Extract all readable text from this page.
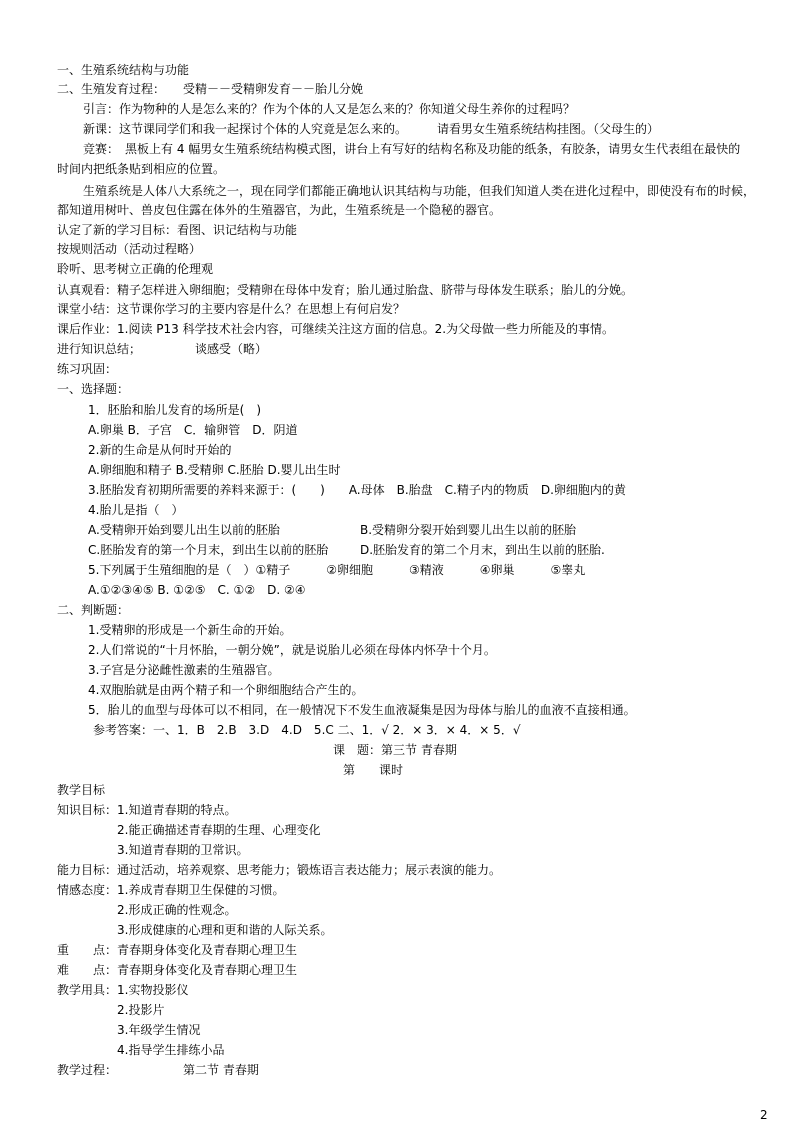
一、生殖系统结构与功能
二、生殖发育过程：　　受精－－受精卵发育－－胎儿分娩
引言：作为物种的人是怎么来的？作为个体的人又是怎么来的？你知道父母生养你的过程吗？
新课：这节课同学们和我一起探讨个体的人究竟是怎么来的。　　　请看男女生殖系统结构挂图。（父母生的）
竞赛：　黑板上有 4 幅男女生殖系统结构模式图，讲台上有写好的结构名称及功能的纸条，有胶条，请男女生代表组在最快的
时间内把纸条贴到相应的位置。
生殖系统是人体八大系统之一，现在同学们都能正确地认识其结构与功能，但我们知道人类在进化过程中，即使没有布的时候，
都知道用树叶、兽皮包住露在体外的生殖器官，为此，生殖系统是一个隐秘的器官。
认定了新的学习目标：看图、识记结构与功能
按规则活动（活动过程略）
聆听、思考树立正确的伦理观
认真观看：精子怎样进入卵细胞；受精卵在母体中发育；胎儿通过胎盘、脐带与母体发生联系；胎儿的分娩。
课堂小结：这节课你学习的主要内容是什么？在思想上有何启发？
课后作业：1.阅读 P13 科学技术社会内容，可继续关注这方面的信息。2.为父母做一些力所能及的事情。
进行知识总结；　　　　　谈感受（略）
练习巩固：
一、选择题：
1．胚胎和胎儿发育的场所是(　)
A.卵巢 B．子宫　C．输卵管　D．阴道
2.新的生命是从何时开始的
A.卵细胞和精子 B.受精卵 C.胚胎 D.婴儿出生时
3.胚胎发育初期所需要的养料来源于：(　　)　　A.母体　B.胎盘　C.精子内的物质　D.卵细胞内的黄
4.胎儿是指（　）
A.受精卵开始到婴儿出生以前的胚胎	B.受精卵分裂开始到婴儿出生以前的胚胎
C.胚胎发育的第一个月末，到出生以前的胚胎	D.胚胎发育的第二个月末，到出生以前的胚胎.
5.下列属于生殖细胞的是（　）①精子　　　②卵细胞　　　③精液　　　④卵巢　　　⑤睾丸
A.①②③④⑤ B. ①②⑤　C. ①②　D. ②④
二、判断题：
1.受精卵的形成是一个新生命的开始。
2.人们常说的“十月怀胎，一朝分娩”，就是说胎儿必须在母体内怀孕十个月。
3.子宫是分泌雌性激素的生殖器官。
4.双胞胎就是由两个精子和一个卵细胞结合产生的。
5．胎儿的血型与母体可以不相同，在一般情况下不发生血液凝集是因为母体与胎儿的血液不直接相通。
参考答案：一、1．B　2.B　3.D　4.D　5.C 二、1．√ 2．× 3．× 4．× 5．√
课　题：第三节 青春期
第　　课时
教学目标
知识目标：1.知道青春期的特点。
2.能正确描述青春期的生理、心理变化
3.知道青春期的卫常识。
能力目标：通过活动，培养观察、思考能力；锻炼语言表达能力；展示表演的能力。
情感态度：1.养成青春期卫生保健的习惯。
2.形成正确的性观念。
3.形成健康的心理和更和谐的人际关系。
重　　点：青春期身体变化及青春期心理卫生
难　　点：青春期身体变化及青春期心理卫生
教学用具：1.实物投影仪
2.投影片
3.年级学生情况
4.指导学生排练小品
教学过程：	第二节 青春期
2
